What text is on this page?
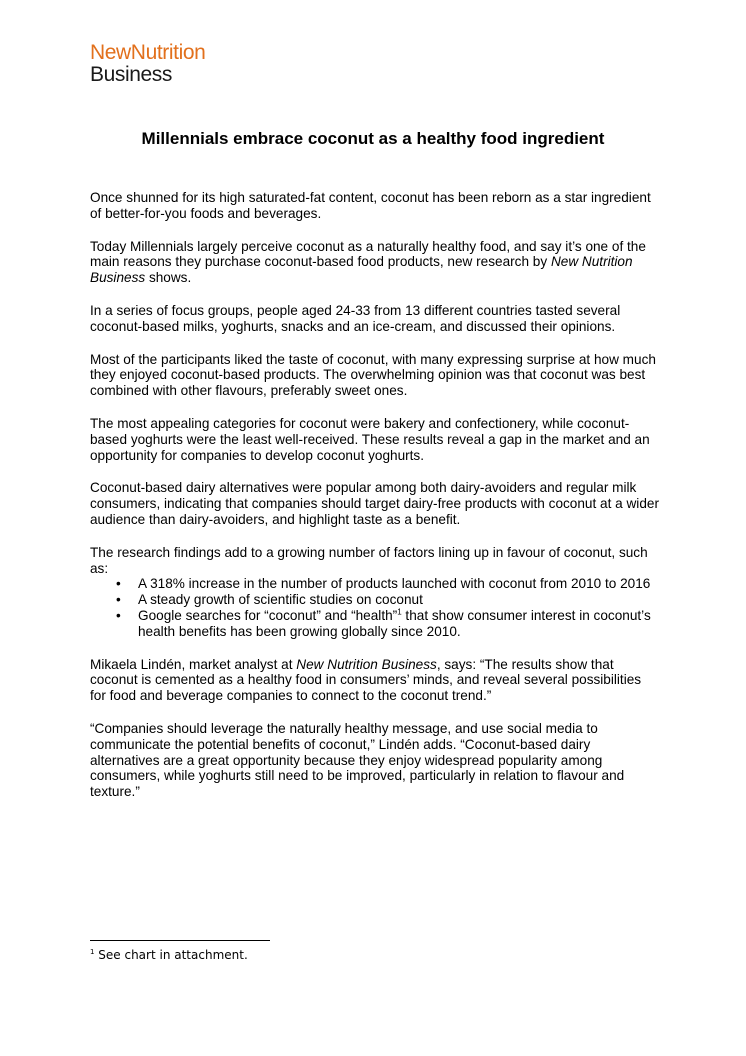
NewNutrition
Business
Millennials embrace coconut as a healthy food ingredient

Once shunned for its high saturated-fat content, coconut has been reborn as a star ingredient of better-for-you foods and beverages.

Today Millennials largely perceive coconut as a naturally healthy food, and say it’s one of the main reasons they purchase coconut-based food products, new research by New Nutrition Business shows.

In a series of focus groups, people aged 24-33 from 13 different countries tasted several coconut-based milks, yoghurts, snacks and an ice-cream, and discussed their opinions.

Most of the participants liked the taste of coconut, with many expressing surprise at how much they enjoyed coconut-based products. The overwhelming opinion was that coconut was best combined with other flavours, preferably sweet ones.

The most appealing categories for coconut were bakery and confectionery, while coconut-based yoghurts were the least well-received. These results reveal a gap in the market and an opportunity for companies to develop coconut yoghurts.

Coconut-based dairy alternatives were popular among both dairy-avoiders and regular milk consumers, indicating that companies should target dairy-free products with coconut at a wider audience than dairy-avoiders, and highlight taste as a benefit.

The research findings add to a growing number of factors lining up in favour of coconut, such as:

• A 318% increase in the number of products launched with coconut from 2010 to 2016
• A steady growth of scientific studies on coconut
• Google searches for “coconut” and “health”$^1$ that show consumer interest in coconut’s health benefits has been growing globally since 2010.

Mikaela Lindén, market analyst at New Nutrition Business, says: “The results show that coconut is cemented as a healthy food in consumers’ minds, and reveal several possibilities for food and beverage companies to connect to the coconut trend.”

“Companies should leverage the naturally healthy message, and use social media to communicate the potential benefits of coconut,” Lindén adds. “Coconut-based dairy alternatives are a great opportunity because they enjoy widespread popularity among consumers, while yoghurts still need to be improved, particularly in relation to flavour and texture.”

$^1$ See chart in attachment.
